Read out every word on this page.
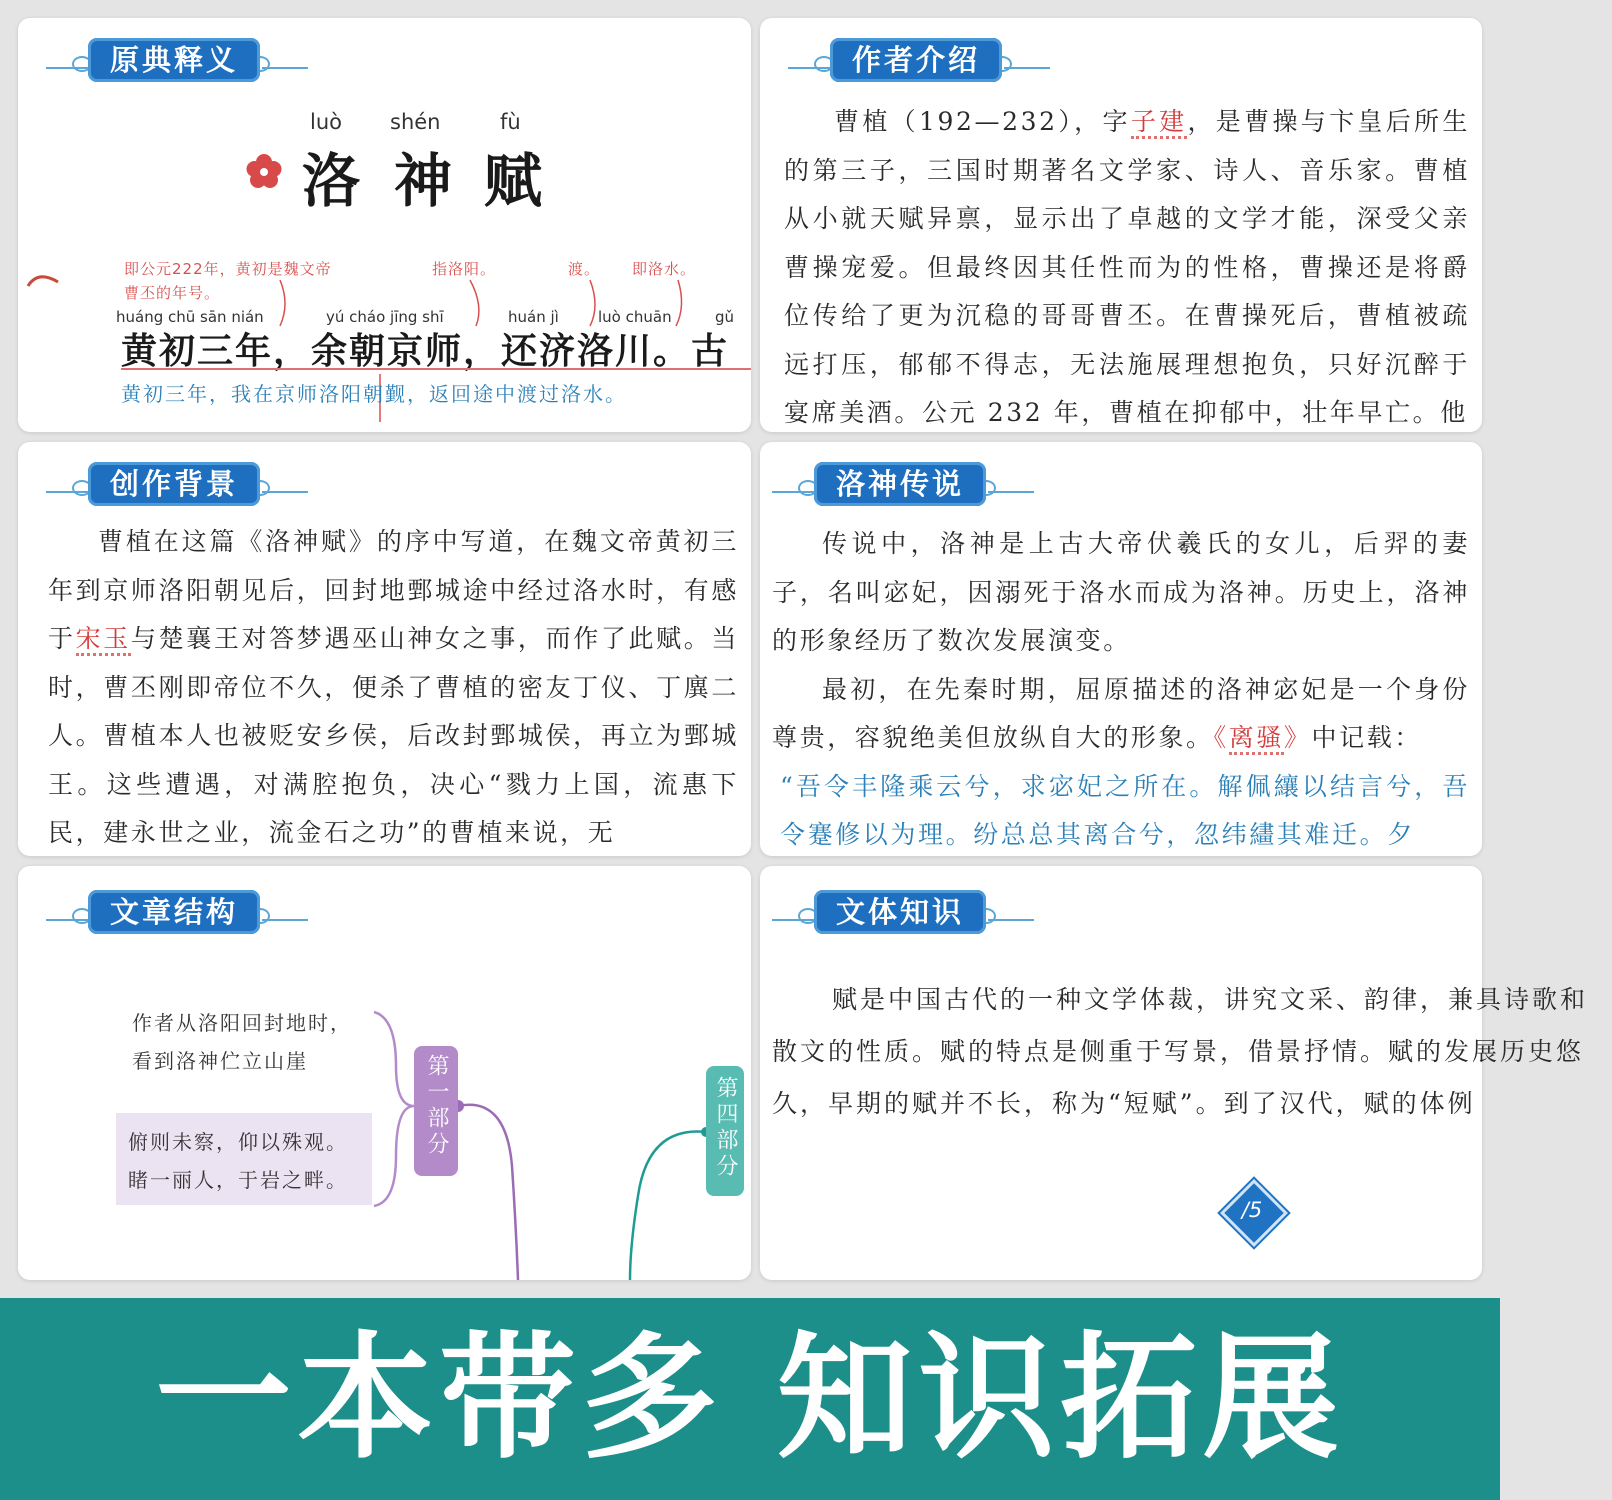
原典释义
luò shén	fù
洛 神 赋
即公元222年，黄初是魏文帝
曹丕的年号。
指洛阳。	渡。 即洛水。
huáng chū sān nián	yú cháo jīng shī	huán jì	luò chuān	gǔ
黄初三年，余朝京师，还济洛川。古
黄初三年，我在京师洛阳朝觐，返回途中渡过洛水。
作者介绍
曹植（192—232），字子建，是曹操与卞皇后所生的第三子，三国时期著名文学家、诗人、音乐家。曹植从小就天赋异禀，显示出了卓越的文学才能，深受父亲曹操宠爱。但最终因其任性而为的性格，曹操还是将爵位传给了更为沉稳的哥哥曹丕。在曹操死后，曹植被疏远打压，郁郁不得志，无法施展理想抱负，只好沉醉于宴席美酒。公元 232 年，曹植在抑郁中，壮年早亡。他
创作背景
曹植在这篇《洛神赋》的序中写道，在魏文帝黄初三年到京师洛阳朝见后，回封地鄄城途中经过洛水时，有感于宋玉与楚襄王对答梦遇巫山神女之事，而作了此赋。当时，曹丕刚即帝位不久，便杀了曹植的密友丁仪、丁廙二人。曹植本人也被贬安乡侯，后改封鄄城侯，再立为鄄城王。这些遭遇，对满腔抱负，决心“戮力上国，流惠下民，建永世之业，流金石之功”的曹植来说，无
洛神传说
传说中，洛神是上古大帝伏羲氏的女儿，后羿的妻子，名叫宓妃，因溺死于洛水而成为洛神。历史上，洛神的形象经历了数次发展演变。
最初，在先秦时期，屈原描述的洛神宓妃是一个身份尊贵，容貌绝美但放纵自大的形象。《离骚》中记载：
“吾令丰隆乘云兮，求宓妃之所在。解佩纕以结言兮，吾令蹇修以为理。纷总总其离合兮，忽纬繣其难迁。夕
文章结构
作者从洛阳回封地时，
看到洛神伫立山崖
俯则未察，仰以殊观。
睹一丽人，于岩之畔。
第一部分	第四部分
文体知识
赋是中国古代的一种文学体裁，讲究文采、韵律，兼具诗歌和散文的性质。赋的特点是侧重于写景，借景抒情。赋的发展历史悠久，早期的赋并不长，称为“短赋”。到了汉代，赋的体例
/5
一本带多 知识拓展
